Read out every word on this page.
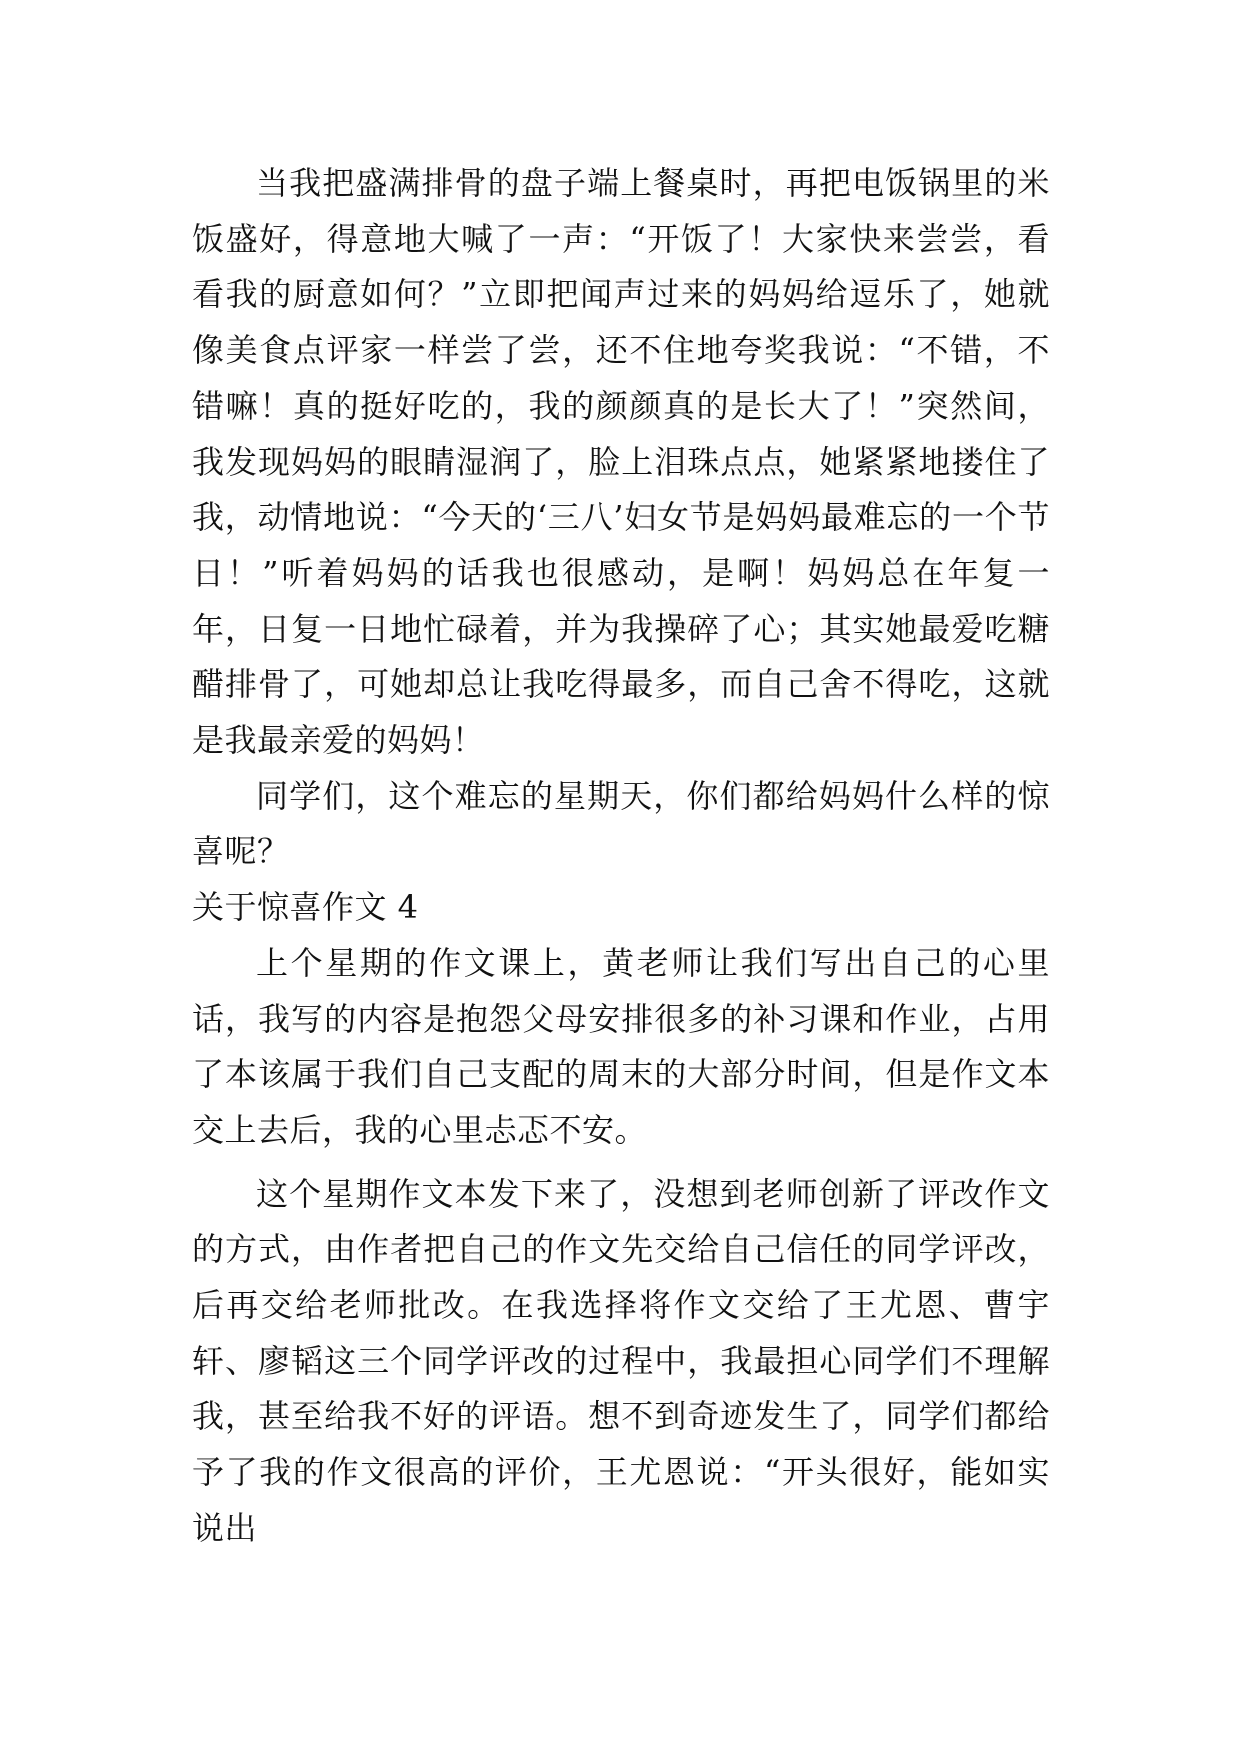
当我把盛满排骨的盘子端上餐桌时，再把电饭锅里的米饭盛好，得意地大喊了一声：“开饭了！大家快来尝尝，看看我的厨意如何？”立即把闻声过来的妈妈给逗乐了，她就像美食点评家一样尝了尝，还不住地夸奖我说：“不错，不错嘛！真的挺好吃的，我的颜颜真的是长大了！”突然间，我发现妈妈的眼睛湿润了，脸上泪珠点点，她紧紧地搂住了我，动情地说：“今天的‘三八’妇女节是妈妈最难忘的一个节日！”听着妈妈的话我也很感动，是啊！妈妈总在年复一年，日复一日地忙碌着，并为我操碎了心；其实她最爱吃糖醋排骨了，可她却总让我吃得最多，而自己舍不得吃，这就是我最亲爱的妈妈！

同学们，这个难忘的星期天，你们都给妈妈什么样的惊喜呢？

关于惊喜作文 4

上个星期的作文课上，黄老师让我们写出自己的心里话，我写的内容是抱怨父母安排很多的补习课和作业，占用了本该属于我们自己支配的周末的大部分时间，但是作文本交上去后，我的心里忐忑不安。

这个星期作文本发下来了，没想到老师创新了评改作文的方式，由作者把自己的作文先交给自己信任的同学评改，后再交给老师批改。在我选择将作文交给了王尤恩、曹宇轩、廖韬这三个同学评改的过程中，我最担心同学们不理解我，甚至给我不好的评语。想不到奇迹发生了，同学们都给予了我的作文很高的评价，王尤恩说：“开头很好，能如实说出
